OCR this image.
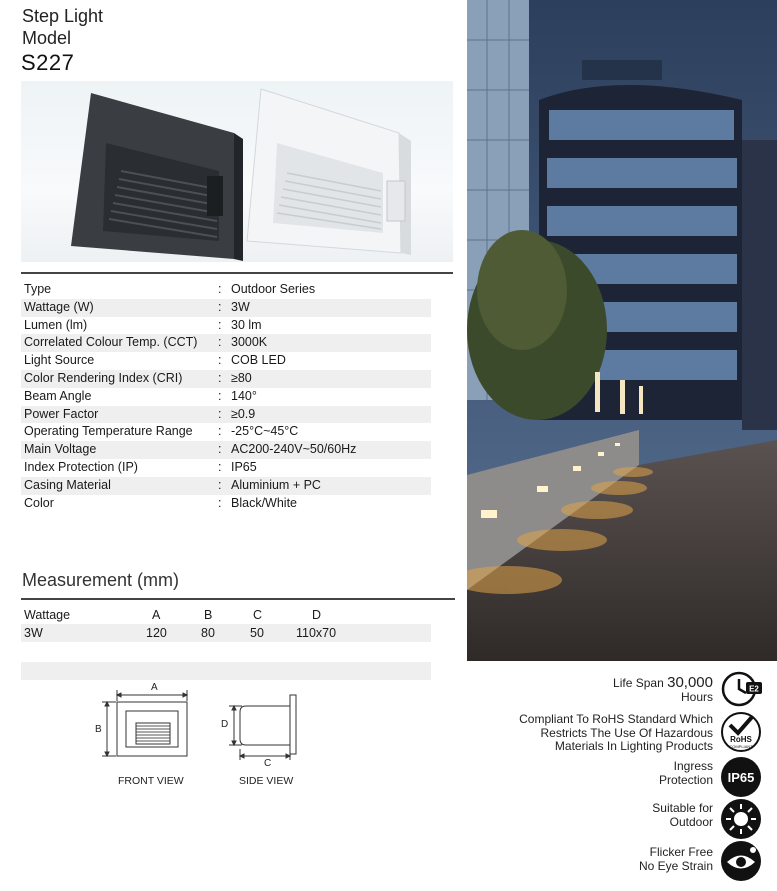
Step Light
Model
S227
Type	: Outdoor Series
Wattage (W)	: 3W
Lumen (lm)	: 30 lm
Correlated Colour Temp. (CCT) : 3000K
Light Source	: COB LED
Color Rendering Index (CRI)	: ≥80
Beam Angle	: 140°
Power Factor	: ≥0.9
Operating Temperature Range : -25°C~45°C
Main Voltage	: AC200-240V~50/60Hz
Index Protection (IP)	: IP65
Casing Material	: Aluminium + PC
Color	: Black/White
Measurement (mm)
Wattage	A	B	C	D
3W	120	80	50	110x70
A
B	D
C
FRONT VIEW	SIDE VIEW
Life Span 30,000
Hours
Compliant To RoHS Standard Which
Restricts The Use Of Hazardous
Materials In Lighting Products
Ingress
Protection
Suitable for
Outdoor
Flicker Free
No Eye Strain
E2
RoHS
COMPLIANT
IP65
